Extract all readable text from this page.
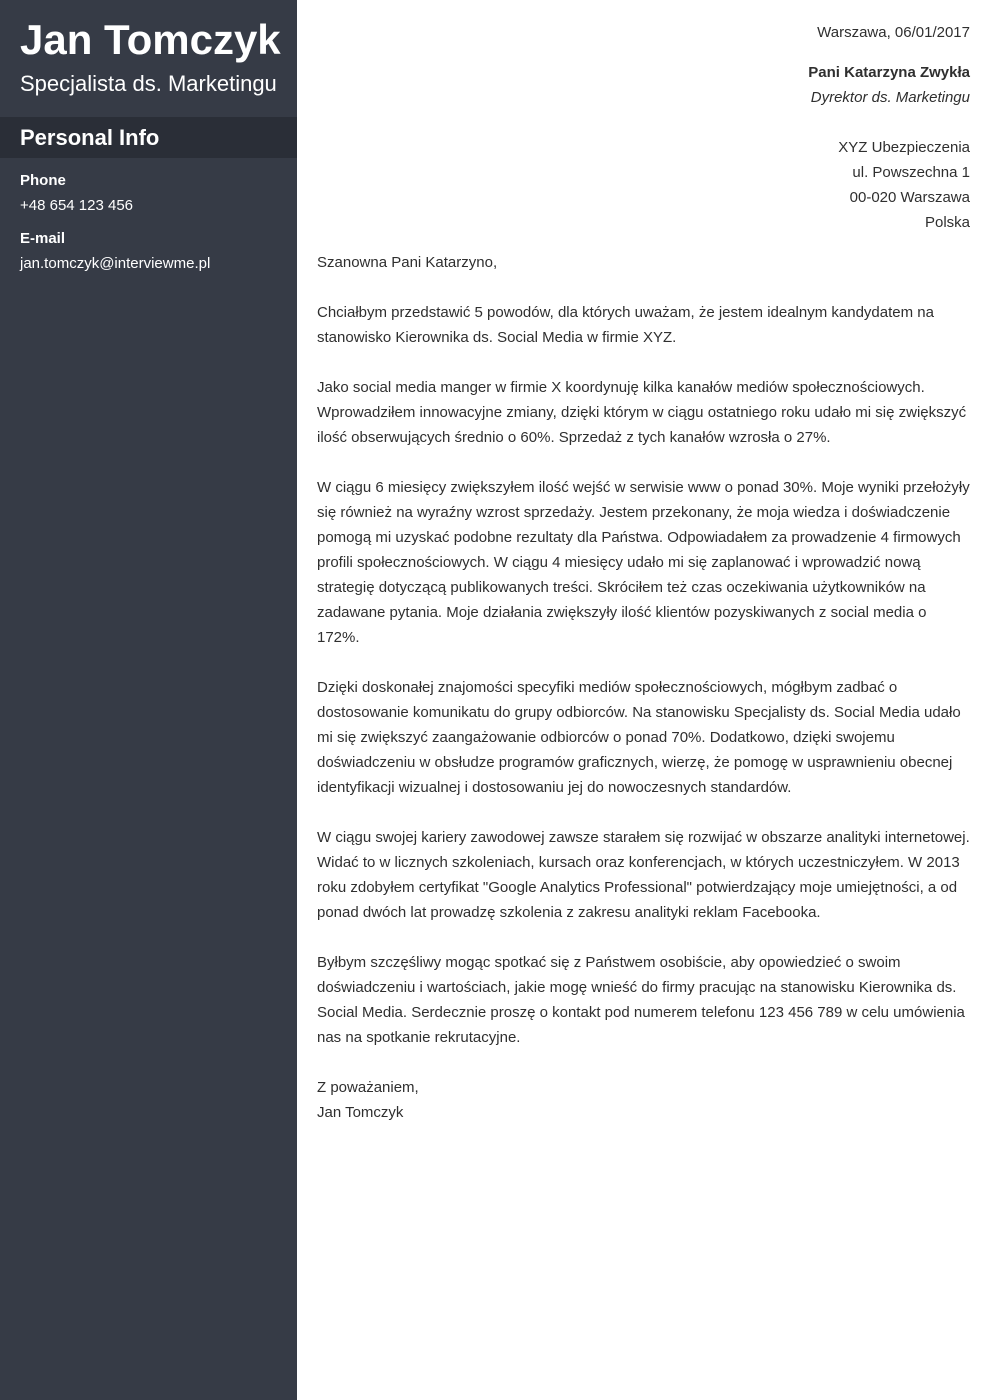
Jan Tomczyk
Specjalista ds. Marketingu
Personal Info
Phone
+48 654 123 456
E-mail
jan.tomczyk@interviewme.pl
Warszawa, 06/01/2017
Pani Katarzyna Zwykła
Dyrektor ds. Marketingu
XYZ Ubezpieczenia
ul. Powszechna 1
00-020 Warszawa
Polska
Szanowna Pani Katarzyno,

Chciałbym przedstawić 5 powodów, dla których uważam, że jestem idealnym kandydatem na stanowisko Kierownika ds. Social Media w firmie XYZ.

Jako social media manger w firmie X koordynuję kilka kanałów mediów społecznościowych. Wprowadziłem innowacyjne zmiany, dzięki którym w ciągu ostatniego roku udało mi się zwiększyć ilość obserwujących średnio o 60%. Sprzedaż z tych kanałów wzrosła o 27%.

W ciągu 6 miesięcy zwiększyłem ilość wejść w serwisie www o ponad 30%. Moje wyniki przełożyły się również na wyraźny wzrost sprzedaży. Jestem przekonany, że moja wiedza i doświadczenie pomogą mi uzyskać podobne rezultaty dla Państwa. Odpowiadałem za prowadzenie 4 firmowych profili społecznościowych. W ciągu 4 miesięcy udało mi się zaplanować i wprowadzić nową strategię dotyczącą publikowanych treści. Skróciłem też czas oczekiwania użytkowników na zadawane pytania. Moje działania zwiększyły ilość klientów pozyskiwanych z social media o 172%.

Dzięki doskonałej znajomości specyfiki mediów społecznościowych, mógłbym zadbać o dostosowanie komunikatu do grupy odbiorców. Na stanowisku Specjalisty ds. Social Media udało mi się zwiększyć zaangażowanie odbiorców o ponad 70%. Dodatkowo, dzięki swojemu doświadczeniu w obsłudze programów graficznych, wierzę, że pomogę w usprawnieniu obecnej identyfikacji wizualnej i dostosowaniu jej do nowoczesnych standardów.

W ciągu swojej kariery zawodowej zawsze starałem się rozwijać w obszarze analityki internetowej. Widać to w licznych szkoleniach, kursach oraz konferencjach, w których uczestniczyłem. W 2013 roku zdobyłem certyfikat "Google Analytics Professional" potwierdzający moje umiejętności, a od ponad dwóch lat prowadzę szkolenia z zakresu analityki reklam Facebooka.

Byłbym szczęśliwy mogąc spotkać się z Państwem osobiście, aby opowiedzieć o swoim doświadczeniu i wartościach, jakie mogę wnieść do firmy pracując na stanowisku Kierownika ds. Social Media. Serdecznie proszę o kontakt pod numerem telefonu 123 456 789 w celu umówienia nas na spotkanie rekrutacyjne.

Z poważaniem,
Jan Tomczyk
